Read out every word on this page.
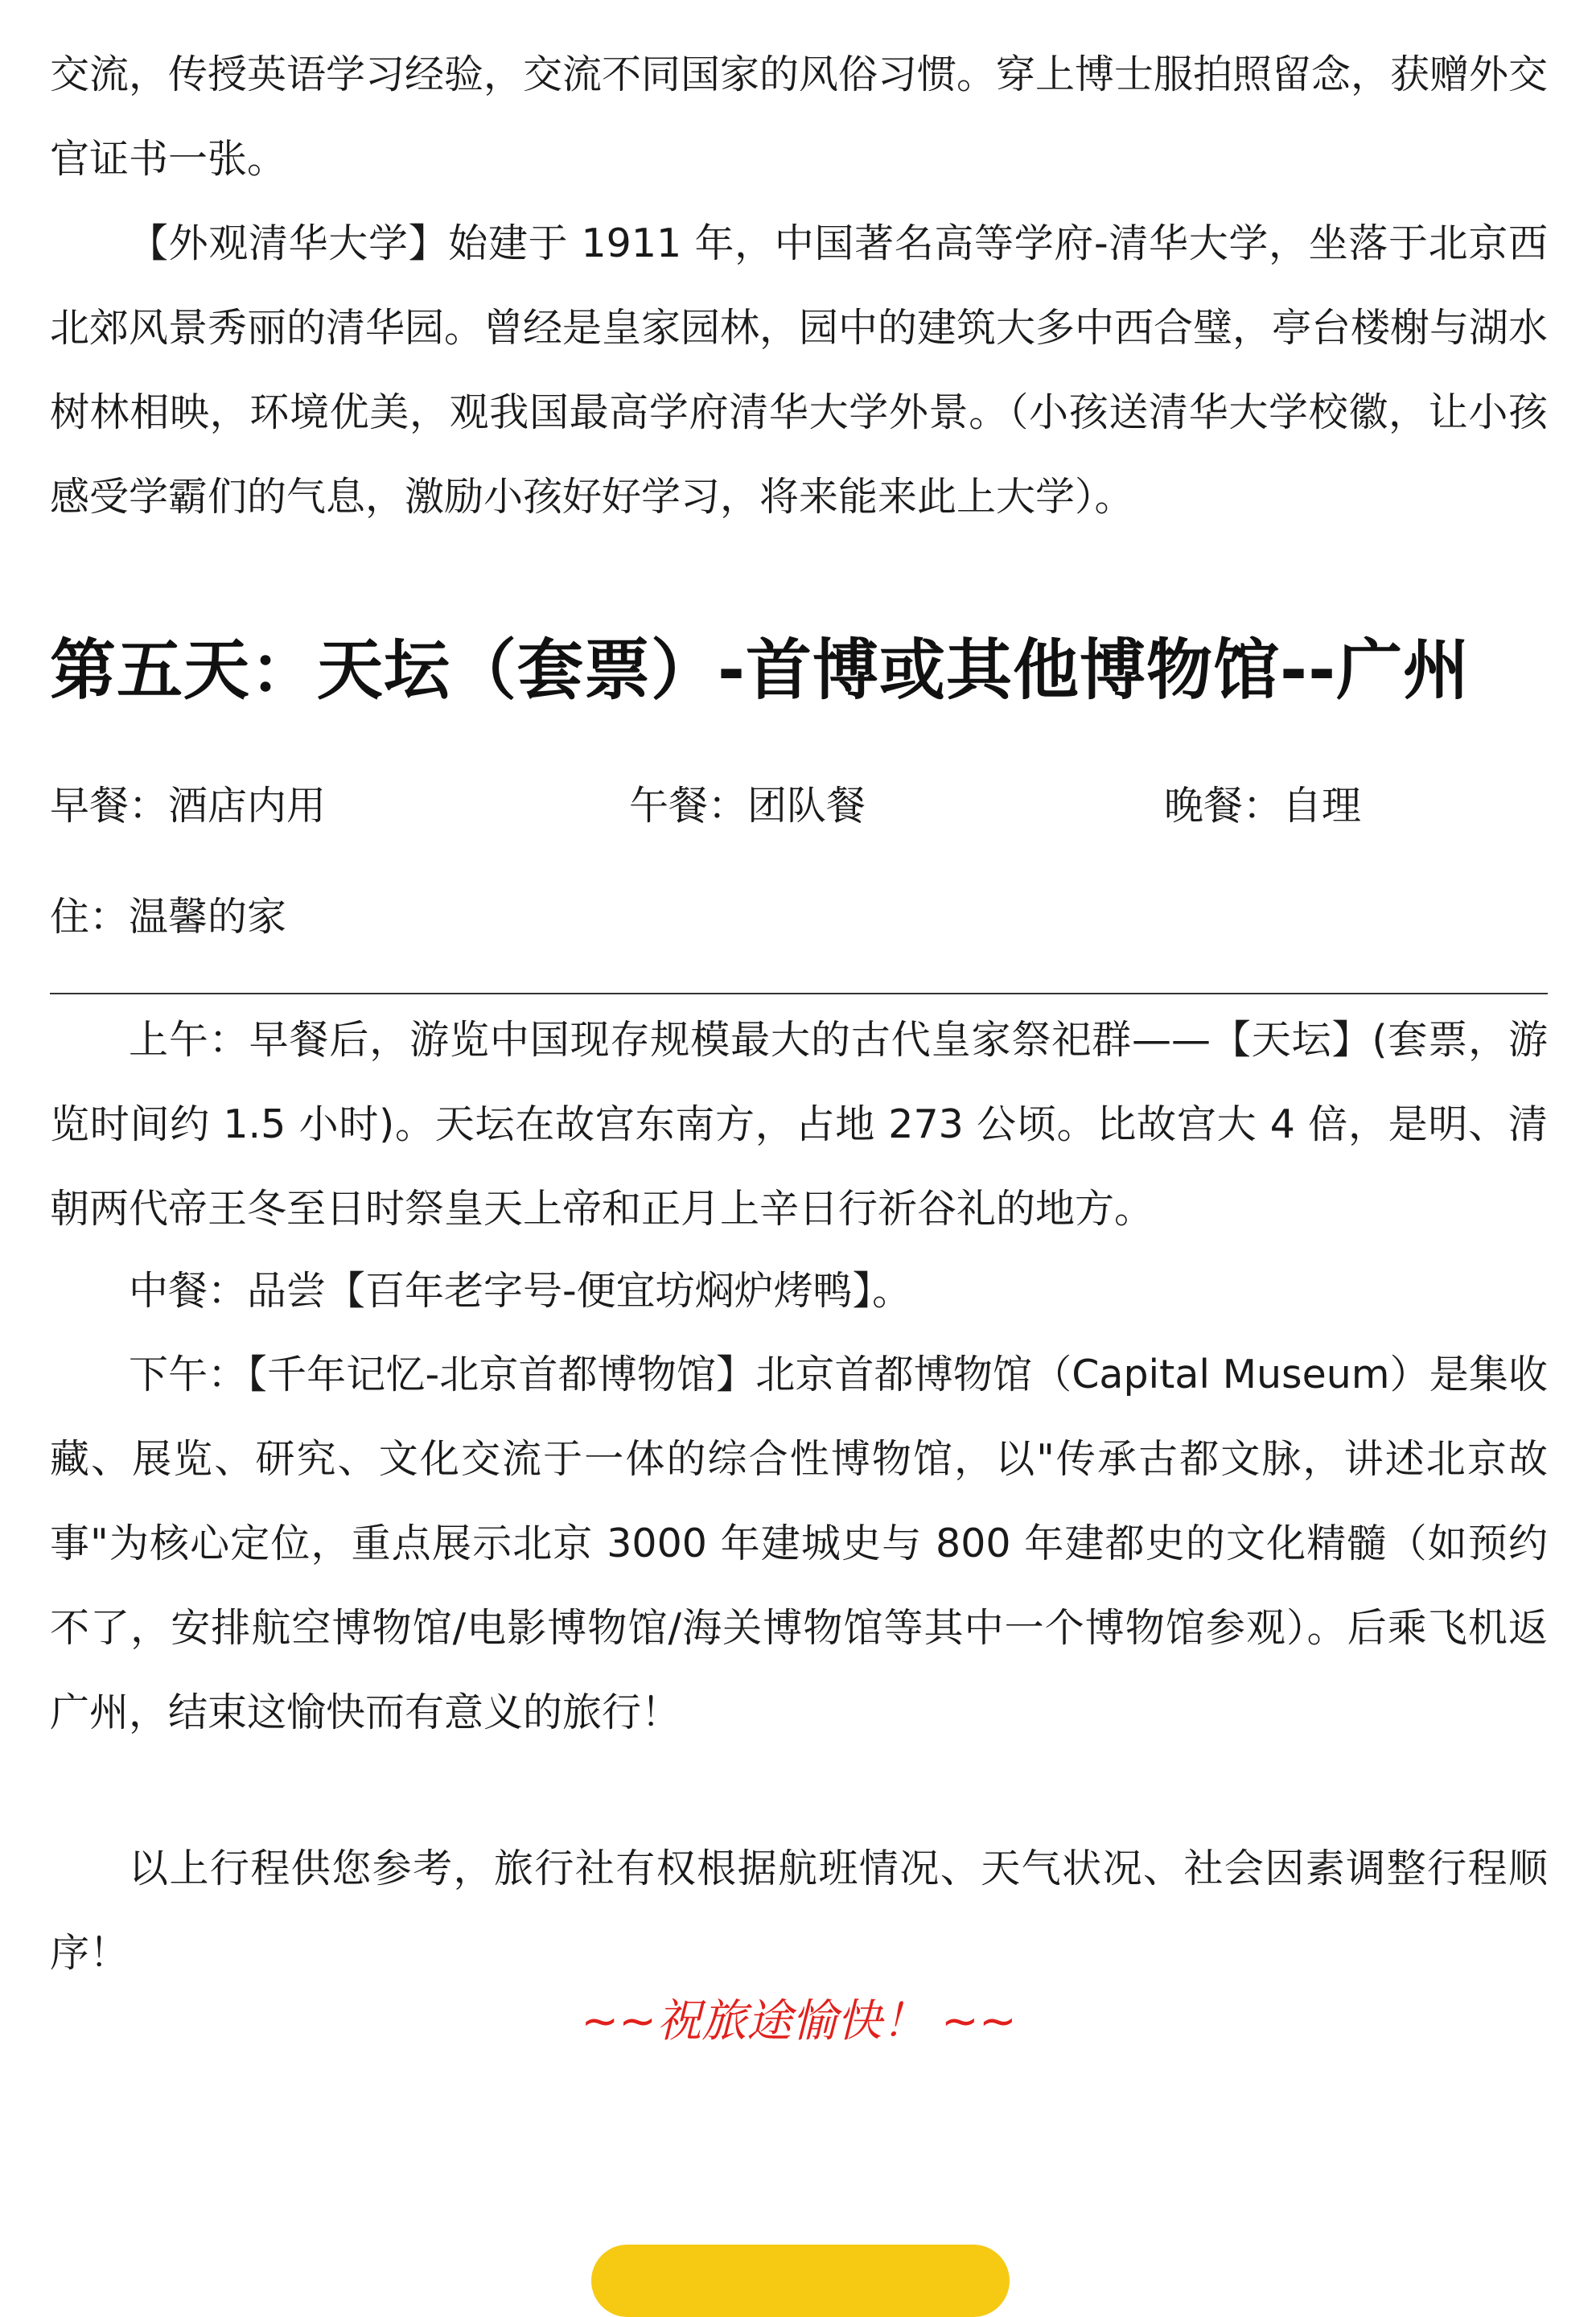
交流，传授英语学习经验，交流不同国家的风俗习惯。穿上博士服拍照留念，获赠外交官证书一张。

【外观清华大学】始建于 1911 年，中国著名高等学府-清华大学，坐落于北京西北郊风景秀丽的清华园。曾经是皇家园林，园中的建筑大多中西合璧，亭台楼榭与湖水树林相映，环境优美，观我国最高学府清华大学外景。（小孩送清华大学校徽，让小孩感受学霸们的气息，激励小孩好好学习，将来能来此上大学）。

第五天：天坛（套票）-首博或其他博物馆--广州
早餐：酒店内用	午餐：团队餐	晚餐：自理
住：温馨的家

上午：早餐后，游览中国现存规模最大的古代皇家祭祀群——【天坛】(套票，游览时间约 1.5 小时)。天坛在故宫东南方，占地 273 公顷。比故宫大 4 倍，是明、清朝两代帝王冬至日时祭皇天上帝和正月上辛日行祈谷礼的地方。

中餐：品尝【百年老字号-便宜坊焖炉烤鸭】。

下午：【千年记忆-北京首都博物馆】北京首都博物馆（Capital Museum）是集收藏、展览、研究、文化交流于一体的综合性博物馆，以"传承古都文脉，讲述北京故事"为核心定位，重点展示北京 3000 年建城史与 800 年建都史的文化精髓（如预约不了，安排航空博物馆/电影博物馆/海关博物馆等其中一个博物馆参观）。后乘飞机返广州，结束这愉快而有意义的旅行！

以上行程供您参考，旅行社有权根据航班情况、天气状况、社会因素调整行程顺序！

~~祝旅途愉快！ ~~
